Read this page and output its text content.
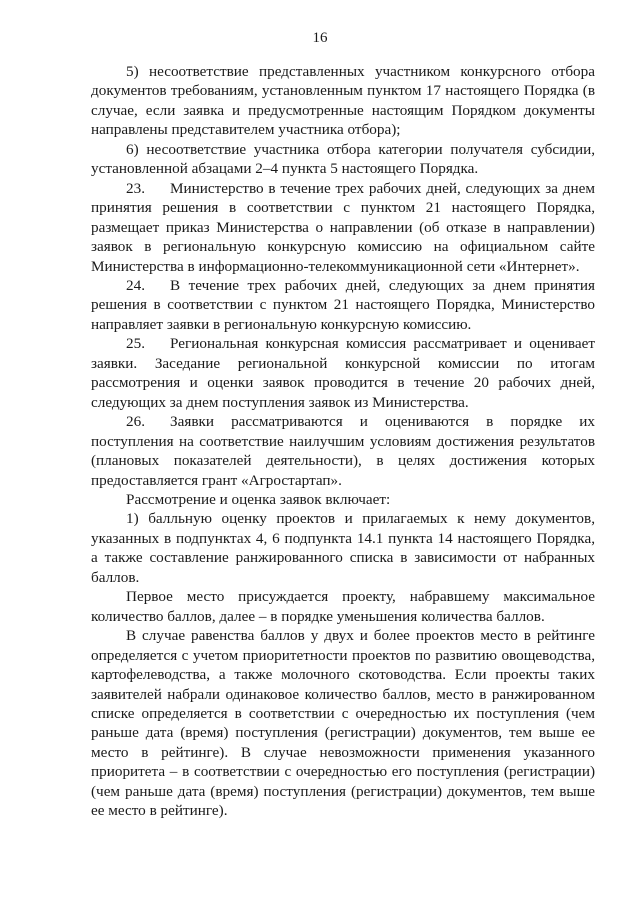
16

5) несоответствие представленных участником конкурсного отбора документов требованиям, установленным пунктом 17 настоящего Порядка (в случае, если заявка и предусмотренные настоящим Порядком документы направлены представителем участника отбора);

6) несоответствие участника отбора категории получателя субсидии, установленной абзацами 2–4 пункта 5 настоящего Порядка.

23. Министерство в течение трех рабочих дней, следующих за днем принятия решения в соответствии с пунктом 21 настоящего Порядка, размещает приказ Министерства о направлении (об отказе в направлении) заявок в региональную конкурсную комиссию на официальном сайте Министерства в информационно-телекоммуникационной сети «Интернет».

24. В течение трех рабочих дней, следующих за днем принятия решения в соответствии с пунктом 21 настоящего Порядка, Министерство направляет заявки в региональную конкурсную комиссию.

25. Региональная конкурсная комиссия рассматривает и оценивает заявки. Заседание региональной конкурсной комиссии по итогам рассмотрения и оценки заявок проводится в течение 20 рабочих дней, следующих за днем поступления заявок из Министерства.

26. Заявки рассматриваются и оцениваются в порядке их поступления на соответствие наилучшим условиям достижения результатов (плановых показателей деятельности), в целях достижения которых предоставляется грант «Агростартап».

Рассмотрение и оценка заявок включает:

1) балльную оценку проектов и прилагаемых к нему документов, указанных в подпунктах 4, 6 подпункта 14.1 пункта 14 настоящего Порядка, а также составление ранжированного списка в зависимости от набранных баллов.

Первое место присуждается проекту, набравшему максимальное количество баллов, далее – в порядке уменьшения количества баллов.

В случае равенства баллов у двух и более проектов место в рейтинге определяется с учетом приоритетности проектов по развитию овощеводства, картофелеводства, а также молочного скотоводства. Если проекты таких заявителей набрали одинаковое количество баллов, место в ранжированном списке определяется в соответствии с очередностью их поступления (чем раньше дата (время) поступления (регистрации) документов, тем выше ее место в рейтинге). В случае невозможности применения указанного приоритета – в соответствии с очередностью его поступления (регистрации) (чем раньше дата (время) поступления (регистрации) документов, тем выше ее место в рейтинге).
